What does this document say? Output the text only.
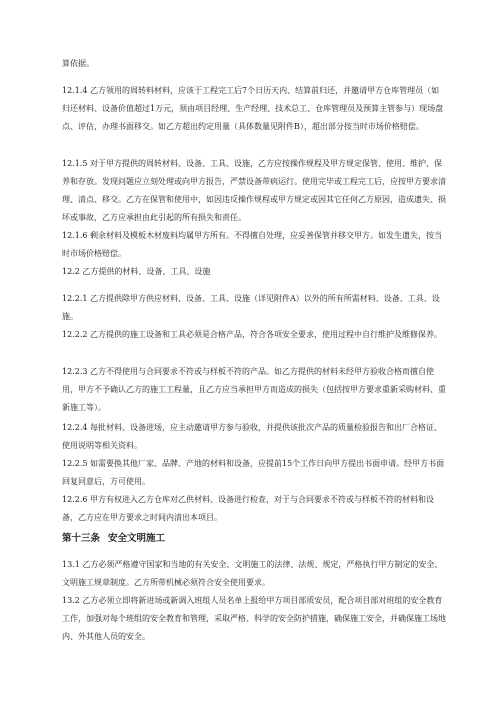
算依据。

12.1.4 乙方领用的周转料材料，应该于工程完工后7个日历天内、结算前归还，并邀请甲方仓库管理员（如归还材料、设备价值超过1万元，须由项目经理、生产经理、技术总工、仓库管理员及预算主管参与）现场盘点、评估，办理书面移交。如乙方超出约定用量（具体数量见附件B），超出部分按当时市场价格赔偿。

12.1.5 对于甲方提供的周转材料、设备、工具、设施，乙方应按操作规程及甲方规定保管、使用、维护、保养和存放。发现问题应立刻处理或向甲方报告，严禁设备带病运行。使用完毕或工程完工后，应按甲方要求清理、清点、移交。乙方在保管和使用中，如因违反操作规程或甲方规定或因其它任何乙方原因，造成遗失、损坏或事故，乙方应承担由此引起的所有损失和责任。

12.1.6 剩余材料及模板木材废料均属甲方所有。不得擅自处理，应妥善保管并移交甲方。如发生遗失，按当时市场价格赔偿。

12.2 乙方提供的材料、设备、工具、设施

12.2.1 乙方提供除甲方供应材料、设备、工具、设施（详见附件A）以外的所有所需材料、设备、工具、设施。

12.2.2 乙方提供的施工设备和工具必须是合格产品，符合各项安全要求，使用过程中自行维护及维修保养。

12.2.3 乙方不得使用与合同要求不符或与样板不符的产品。如乙方提供的材料未经甲方验收合格而擅自使用，甲方不予确认乙方的施工工程量，且乙方应当承担甲方而造成的损失（包括按甲方要求重新采购材料、重新施工等）。

12.2.4 每批材料、设备进场，应主动邀请甲方参与验收，并提供该批次产品的质量检验报告和出厂合格证、使用说明等相关资料。

12.2.5 如需要换其他厂家、品牌、产地的材料和设备，应提前15个工作日向甲方提出书面申请。经甲方书面回复同意后，方可使用。

12.2.6 甲方有权进入乙方仓库对乙供材料、设备进行检查，对于与合同要求不符或与样板不符的材料和设备，乙方应在甲方要求之时间内清出本项目。

第十三条 安全文明施工

13.1 乙方必须严格遵守国家和当地的有关安全、文明施工的法律、法规、规定，严格执行甲方制定的安全、文明施工规章制度。乙方所带机械必须符合安全使用要求。

13.2 乙方必须立即将新进场或新调入班组人员名单上报给甲方项目部质安员，配合项目部对班组的安全教育工作，加强对每个班组的安全教育和管理，采取严格、科学的安全防护措施，确保施工安全，并确保施工场地内、外其他人员的安全。
